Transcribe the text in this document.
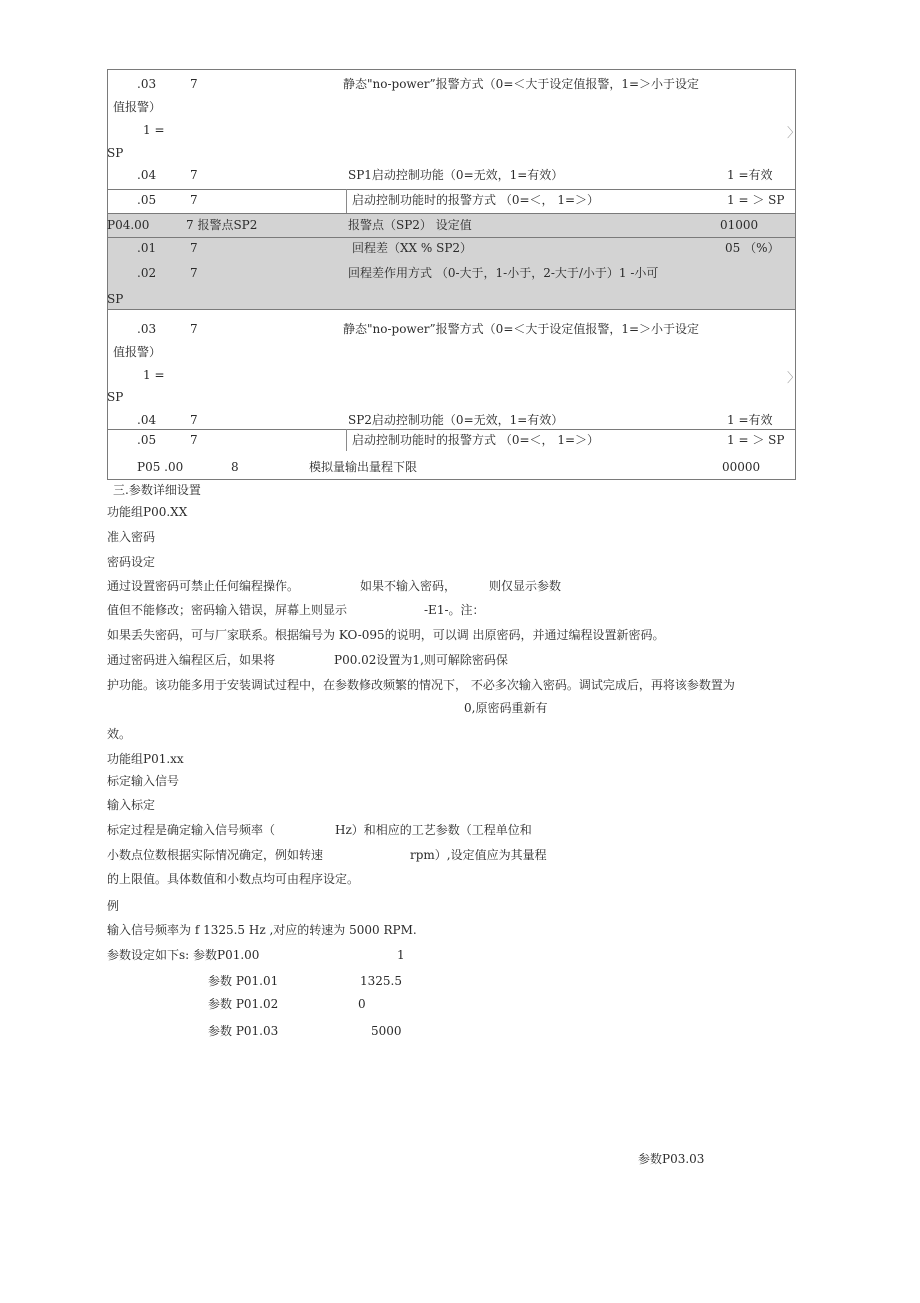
.03	7	静态"no-power”报警方式（0=＜大于设定值报警，1=＞小于设定
值报警）
1 =	〉
SP
.04	7	SP1启动控制功能（0=无效，1=有效）	1 =有效
.05	7	启动控制功能时的报警方式 （0=＜， 1=＞）	1 = ＞ SP
P04.00	7 报警点SP2	报警点（SP2） 设定值	01000
.01	7	回程差（XX % SP2）	05 （%）
.02	7	回程差作用方式 （0-大于，1-小于，2-大于/小于）1 -小可
SP
.03	7	静态"no-power”报警方式（0=＜大于设定值报警，1=＞小于设定
值报警）
1 =	〉
SP
.04	7	SP2启动控制功能（0=无效，1=有效）	1 =有效
.05	7	启动控制功能时的报警方式 （0=＜， 1=＞）	1 = ＞ SP
P05 .00	8	模拟量输出量程下限	00000
三.参数详细设置
功能组P00.XX
准入密码
密码设定
通过设置密码可禁止任何编程操作。	如果不输入密码，	则仅显示参数
值但不能修改；密码输入错误，屏幕上则显示	-E1-。注：
如果丢失密码，可与厂家联系。根据编号为 KO-095的说明，可以调 出原密码，并通过编程设置新密码。
通过密码进入编程区后，如果将	P00.02设置为1,则可解除密码保
护功能。该功能多用于安装调试过程中，在参数修改频繁的情况下， 不必多次输入密码。调试完成后，再将该参数置为
0,原密码重新有
效。
功能组P01.xx
标定输入信号
输入标定
标定过程是确定输入信号频率（	Hz）和相应的工艺参数（工程单位和
小数点位数根据实际情况确定，例如转速	rpm）,设定值应为其量程
的上限值。具体数值和小数点均可由程序设定。
例
输入信号频率为 f 1325.5 Hz ,对应的转速为 5000 RPM.
参数设定如下s: 参数P01.00	1
参数 P01.01	1325.5
参数 P01.02	0
参数 P01.03	5000
参数P03.03
